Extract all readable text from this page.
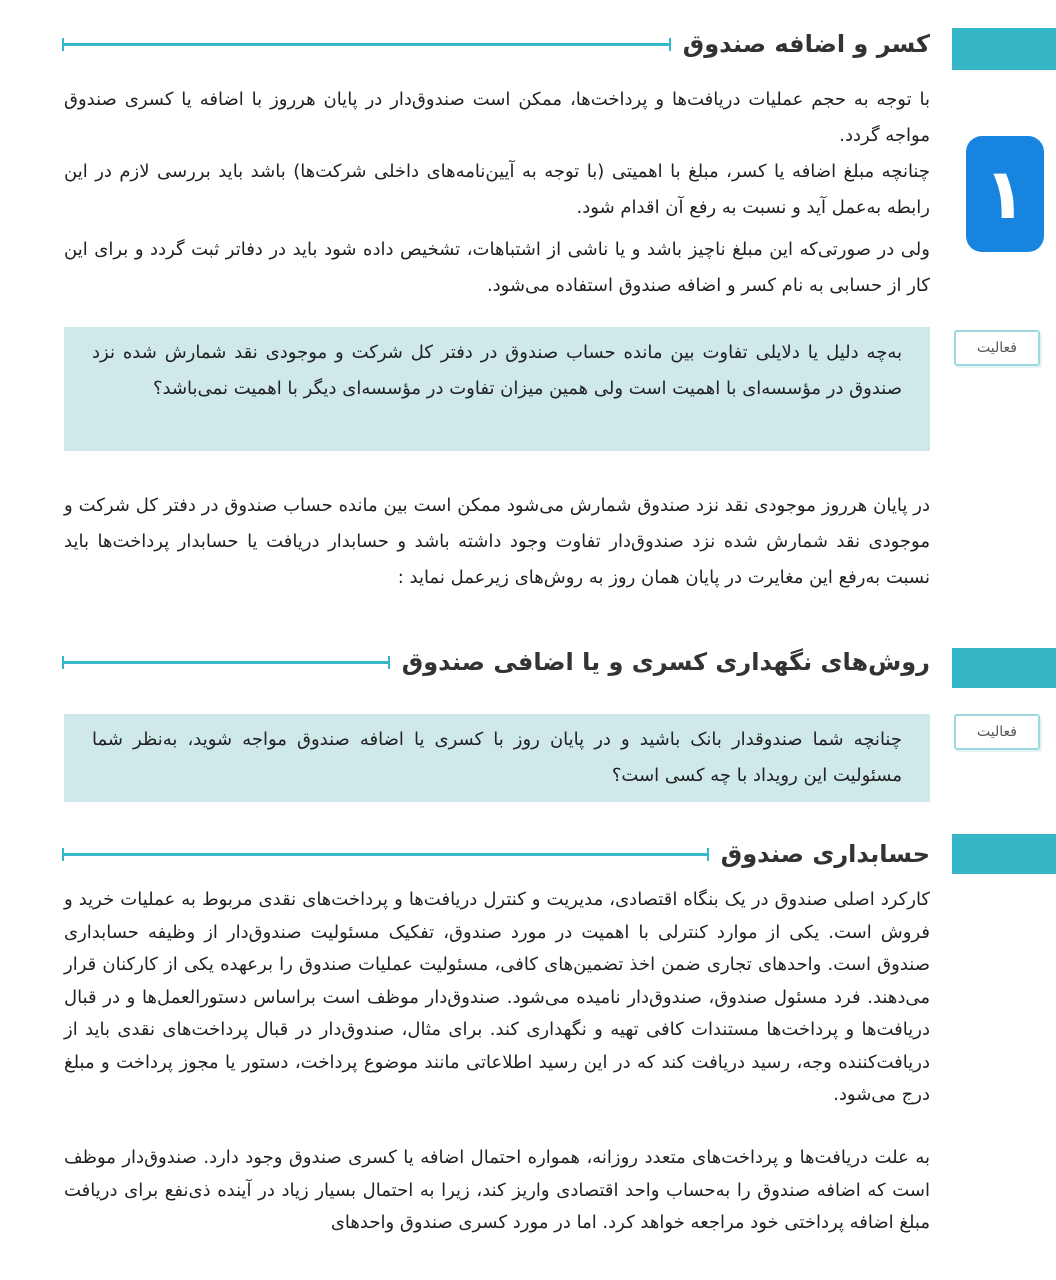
کسر و اضافه صندوق
۱

با توجه به حجم عملیات دریافت‌ها و پرداخت‌ها، ممکن است صندوق‌دار در پایان هرروز با اضافه یا کسری صندوق مواجه گردد.

چنانچه مبلغ اضافه یا کسر، مبلغ با اهمیتی (با توجه به آیین‌نامه‌های داخلی شرکت‌ها) باشد باید بررسی لازم در این رابطه به‌عمل آید و نسبت به رفع آن اقدام شود.

ولی در صورتی‌که این مبلغ ناچیز باشد و یا ناشی از اشتباهات، تشخیص داده شود باید در دفاتر ثبت گردد و برای این کار از حسابی به نام کسر و اضافه صندوق استفاده می‌شود.

فعالیت
به‌چه دلیل یا دلایلی تفاوت بین مانده حساب صندوق در دفتر کل شرکت و موجودی نقد شمارش شده نزد صندوق در مؤسسه‌ای با اهمیت است ولی همین میزان تفاوت در مؤسسه‌ای دیگر با اهمیت نمی‌باشد؟

در پایان هرروز موجودی نقد نزد صندوق شمارش می‌شود ممکن است بین مانده حساب صندوق در دفتر کل شرکت و موجودی نقد شمارش شده نزد صندوق‌دار تفاوت وجود داشته باشد و حسابدار دریافت یا حسابدار پرداخت‌ها باید نسبت به‌رفع این مغایرت در پایان همان روز به روش‌های زیرعمل نماید :

روش‌های نگهداری کسری و یا اضافی صندوق
فعالیت
چنانچه شما صندوقدار بانک باشید و در پایان روز با کسری یا اضافه صندوق مواجه شوید، به‌نظر شما مسئولیت این رویداد با چه کسی است؟
حسابداری صندوق

کارکرد اصلی صندوق در یک بنگاه اقتصادی، مدیریت و کنترل دریافت‌ها و پرداخت‌های نقدی مربوط به عملیات خرید و فروش است. یکی از موارد کنترلی با اهمیت در مورد صندوق، تفکیک مسئولیت صندوق‌دار از وظیفه حسابداری صندوق است. واحدهای تجاری ضمن اخذ تضمین‌های کافی، مسئولیت عملیات صندوق را برعهده یکی از کارکنان قرار می‌دهند. فرد مسئول صندوق، صندوق‌دار نامیده می‌شود. صندوق‌دار موظف است براساس دستورالعمل‌ها و در قبال دریافت‌ها و پرداخت‌ها مستندات کافی تهیه و نگهداری کند. برای مثال، صندوق‌دار در قبال پرداخت‌های نقدی باید از دریافت‌کننده وجه، رسید دریافت کند که در این رسید اطلاعاتی مانند موضوع پرداخت، دستور یا مجوز پرداخت و مبلغ درج می‌شود.

به علت دریافت‌ها و پرداخت‌های متعدد روزانه، همواره احتمال اضافه یا کسری صندوق وجود دارد. صندوق‌دار موظف است که اضافه صندوق را به‌حساب واحد اقتصادی واریز کند، زیرا به احتمال بسیار زیاد در آینده ذی‌نفع برای دریافت مبلغ اضافه پرداختی خود مراجعه خواهد کرد. اما در مورد کسری صندوق واحدهای
